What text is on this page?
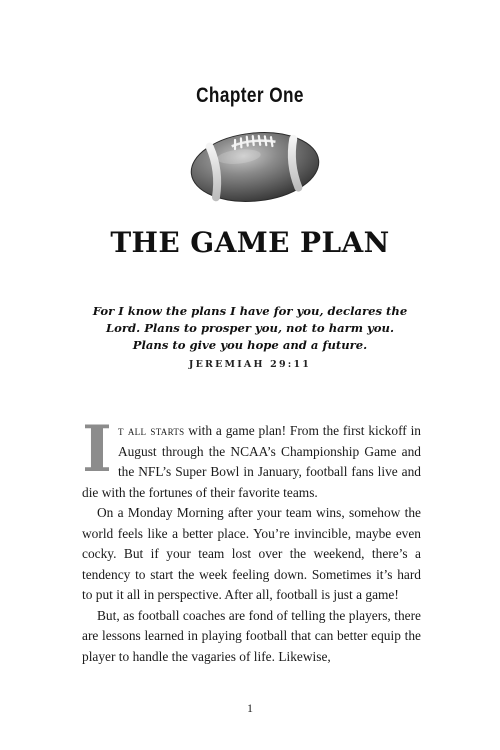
Chapter One
THE GAME PLAN
For I know the plans I have for you, declares the
Lord. Plans to prosper you, not to harm you.
Plans to give you hope and a future.
JEREMIAH 29:11

It all starts with a game plan! From the first kickoff in August through the NCAA’s Championship Game and the NFL’s Super Bowl in January, football fans live and die with the fortunes of their favorite teams.

On a Monday Morning after your team wins, somehow the world feels like a better place. You’re invincible, maybe even cocky. But if your team lost over the weekend, there’s a tendency to start the week feeling down. Sometimes it’s hard to put it all in perspective. After all, football is just a game!

But, as football coaches are fond of telling the players, there are lessons learned in playing football that can better equip the player to handle the vagaries of life. Likewise,

1
